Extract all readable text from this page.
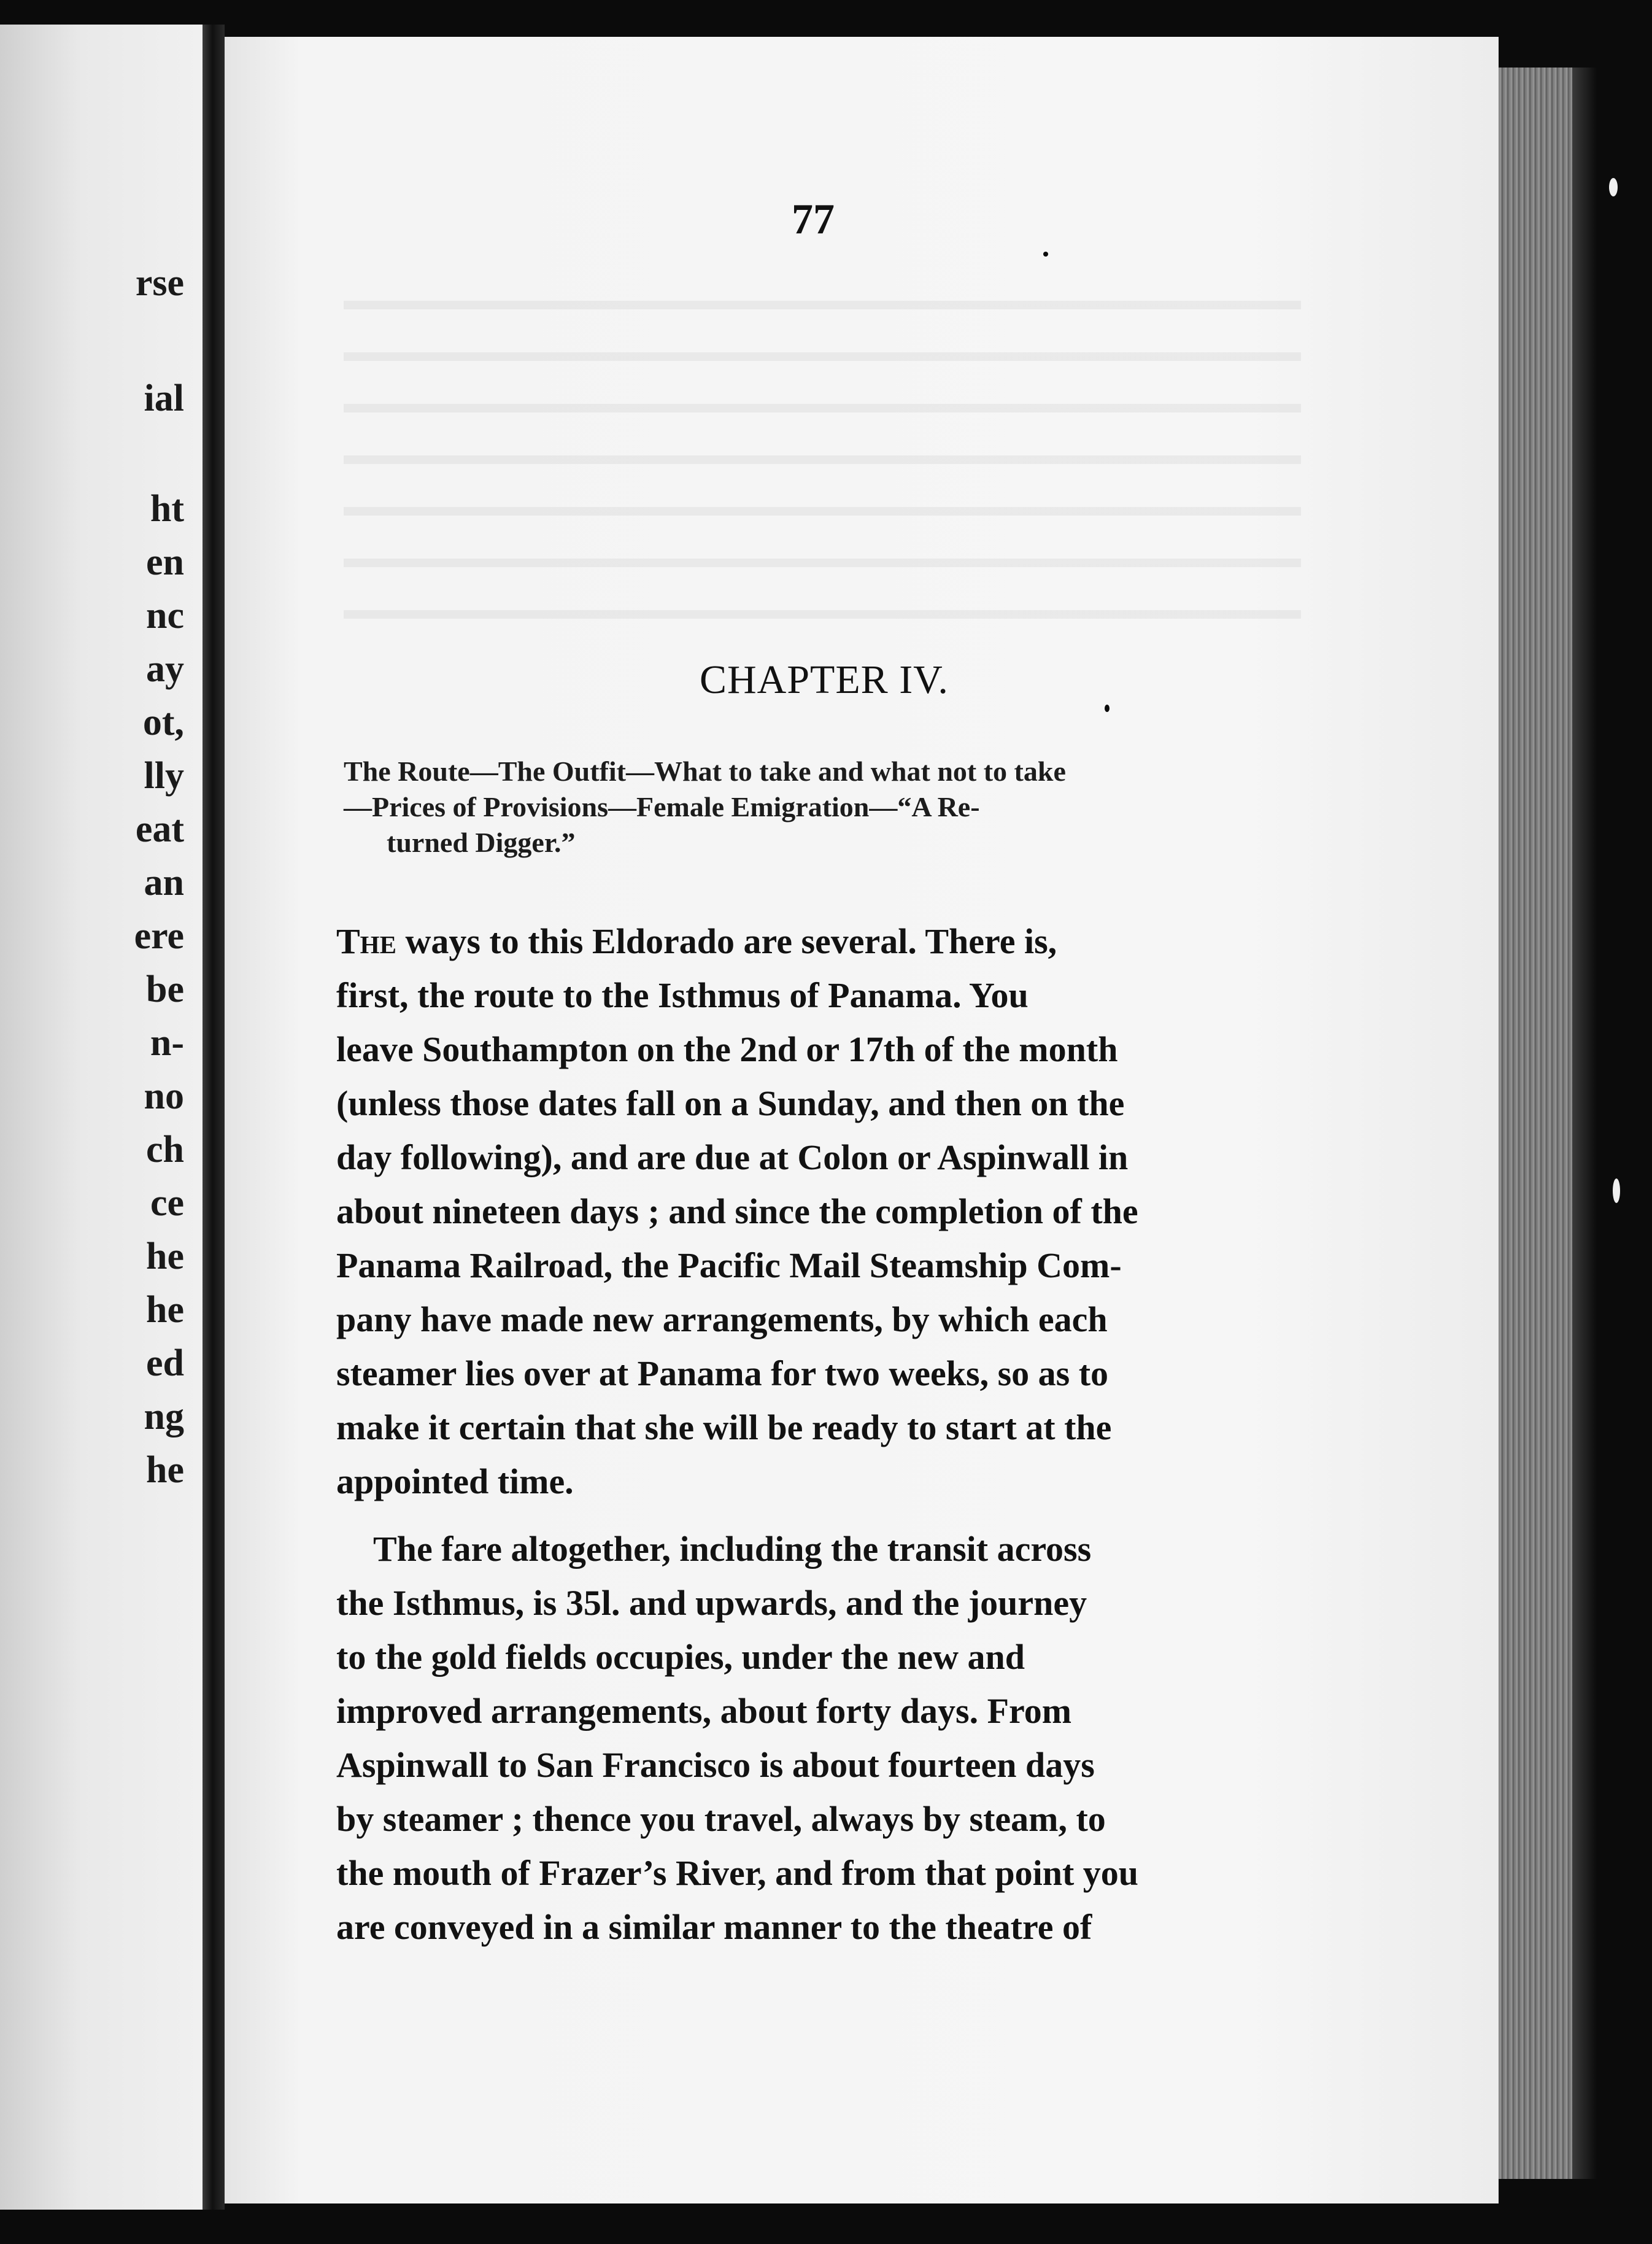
rse
ial
ht
en
nc
ay
ot,
lly
eat
an
ere
be
n-
no
ch
ce
he
he
ed
ng
he
77
CHAPTER IV.
The Route—The Outfit—What to take and what not to take
—Prices of Provisions—Female Emigration—“A Re-
turned Digger.”
The ways to this Eldorado are several. There is,
first, the route to the Isthmus of Panama. You
leave Southampton on the 2nd or 17th of the month
(unless those dates fall on a Sunday, and then on the
day following), and are due at Colon or Aspinwall in
about nineteen days ; and since the completion of the
Panama Railroad, the Pacific Mail Steamship Com-
pany have made new arrangements, by which each
steamer lies over at Panama for two weeks, so as to
make it certain that she will be ready to start at the
appointed time.
The fare altogether, including the transit across
the Isthmus, is 35l. and upwards, and the journey
to the gold fields occupies, under the new and
improved arrangements, about forty days. From
Aspinwall to San Francisco is about fourteen days
by steamer ; thence you travel, always by steam, to
the mouth of Frazer’s River, and from that point you
are conveyed in a similar manner to the theatre of
